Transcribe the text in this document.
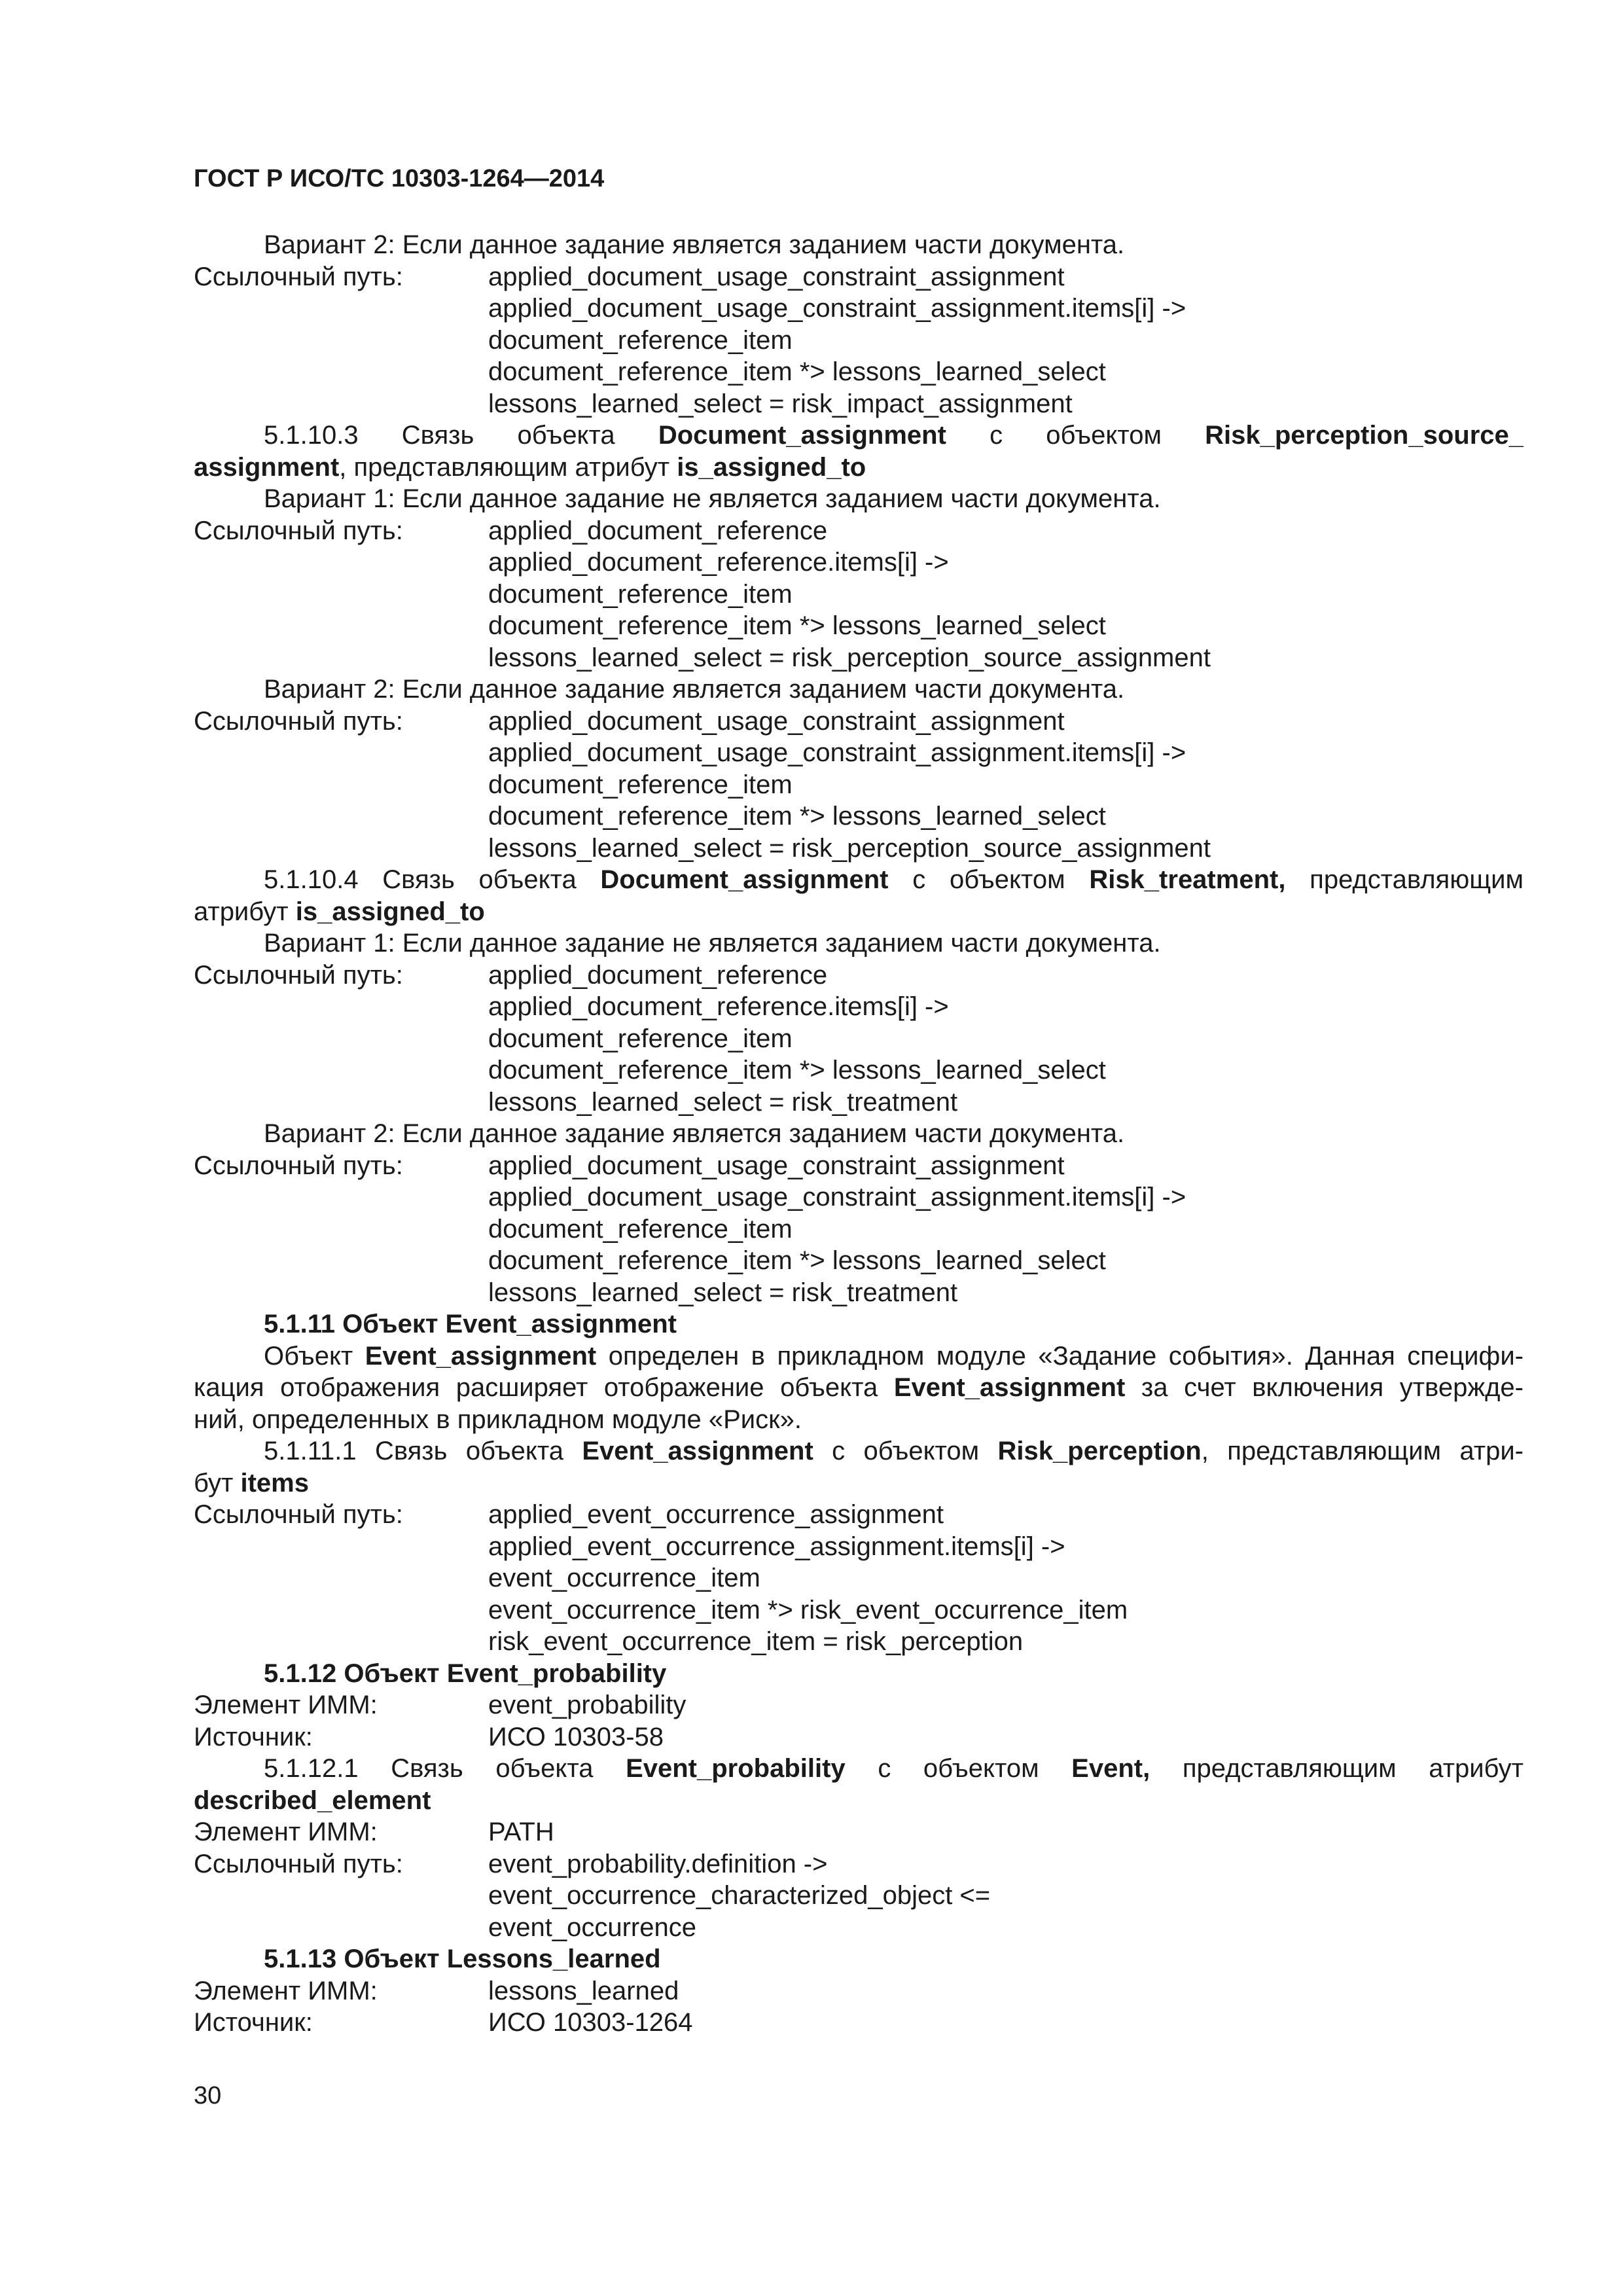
ГОСТ Р ИСО/ТС 10303-1264—2014
Вариант 2: Если данное задание является заданием части документа.
Ссылочный путь:	applied_document_usage_constraint_assignment
applied_document_usage_constraint_assignment.items[i] ->
document_reference_item
document_reference_item *> lessons_learned_select
lessons_learned_select = risk_impact_assignment
5.1.10.3 Связь объекта Document_assignment с объектом Risk_perception_source_
assignment, представляющим атрибут is_assigned_to
Вариант 1: Если данное задание не является заданием части документа.
Ссылочный путь:	applied_document_reference
applied_document_reference.items[i] ->
document_reference_item
document_reference_item *> lessons_learned_select
lessons_learned_select = risk_perception_source_assignment
Вариант 2: Если данное задание является заданием части документа.
Ссылочный путь:	applied_document_usage_constraint_assignment
applied_document_usage_constraint_assignment.items[i] ->
document_reference_item
document_reference_item *> lessons_learned_select
lessons_learned_select = risk_perception_source_assignment
5.1.10.4 Связь объекта Document_assignment с объектом Risk_treatment, представляющим
атрибут is_assigned_to
Вариант 1: Если данное задание не является заданием части документа.
Ссылочный путь:	applied_document_reference
applied_document_reference.items[i] ->
document_reference_item
document_reference_item *> lessons_learned_select
lessons_learned_select = risk_treatment
Вариант 2: Если данное задание является заданием части документа.
Ссылочный путь:	applied_document_usage_constraint_assignment
applied_document_usage_constraint_assignment.items[i] ->
document_reference_item
document_reference_item *> lessons_learned_select
lessons_learned_select = risk_treatment
5.1.11 Объект Event_assignment
Объект Event_assignment определен в прикладном модуле «Задание события». Данная специфи-
кация отображения расширяет отображение объекта Event_assignment за счет включения утвержде-
ний, определенных в прикладном модуле «Риск».
5.1.11.1 Связь объекта Event_assignment с объектом Risk_perception, представляющим атри-
бут items
Ссылочный путь:	applied_event_occurrence_assignment
applied_event_occurrence_assignment.items[i] ->
event_occurrence_item
event_occurrence_item *> risk_event_occurrence_item
risk_event_occurrence_item = risk_perception
5.1.12 Объект Event_probability
Элемент ИММ:	event_probability
Источник:	ИСО 10303-58
5.1.12.1 Связь объекта Event_probability с объектом Event, представляющим атрибут
described_element
Элемент ИММ:	PATH
Ссылочный путь:	event_probability.definition ->
event_occurrence_characterized_object <=
event_occurrence
5.1.13 Объект Lessons_learned
Элемент ИММ:	lessons_learned
Источник:	ИСО 10303-1264
30
